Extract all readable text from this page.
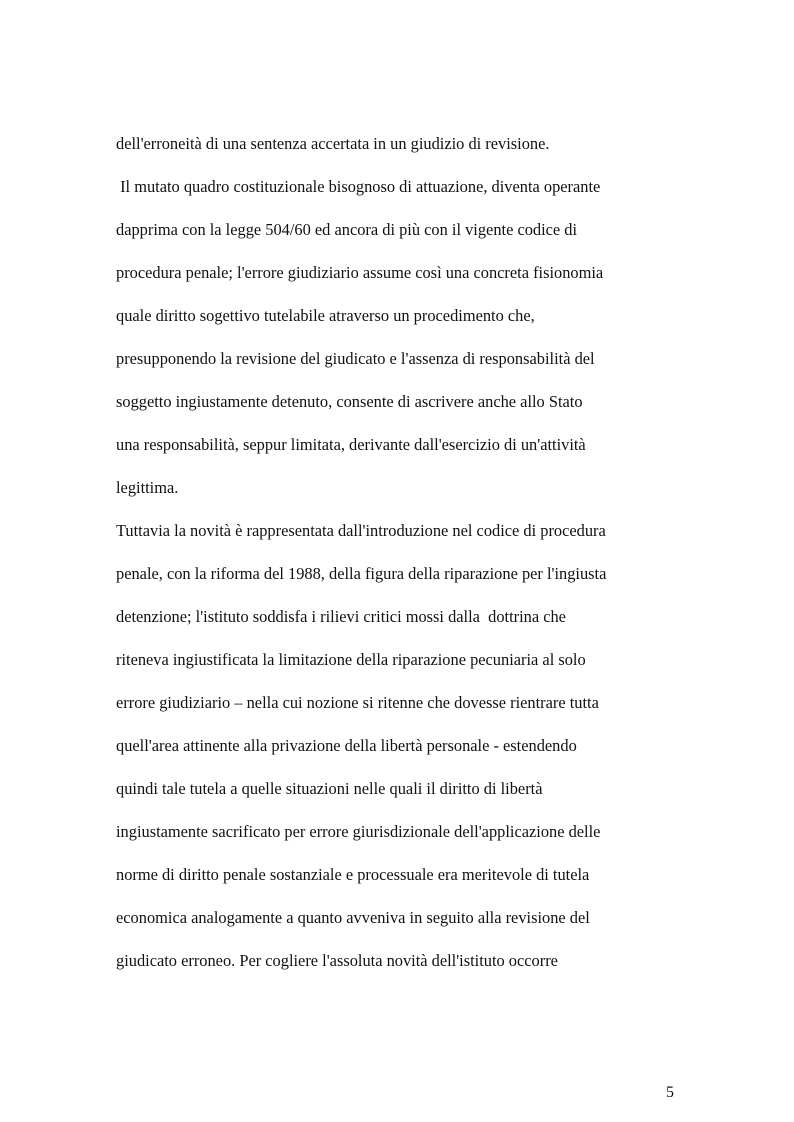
dell'erroneità di una sentenza accertata in un giudizio di revisione.
Il mutato quadro costituzionale bisognoso di attuazione, diventa operante
dapprima con la legge 504/60 ed ancora di più con il vigente codice di
procedura penale; l'errore giudiziario assume così una concreta fisionomia
quale diritto sogettivo tutelabile atraverso un procedimento che,
presupponendo la revisione del giudicato e l'assenza di responsabilità del
soggetto ingiustamente detenuto, consente di ascrivere anche allo Stato
una responsabilità, seppur limitata, derivante dall'esercizio di un'attività
legittima.
Tuttavia la novità è rappresentata dall'introduzione nel codice di procedura
penale, con la riforma del 1988, della figura della riparazione per l'ingiusta
detenzione; l'istituto soddisfa i rilievi critici mossi dalla  dottrina che
riteneva ingiustificata la limitazione della riparazione pecuniaria al solo
errore giudiziario – nella cui nozione si ritenne che dovesse rientrare tutta
quell'area attinente alla privazione della libertà personale - estendendo
quindi tale tutela a quelle situazioni nelle quali il diritto di libertà
ingiustamente sacrificato per errore giurisdizionale dell'applicazione delle
norme di diritto penale sostanziale e processuale era meritevole di tutela
economica analogamente a quanto avveniva in seguito alla revisione del
giudicato erroneo. Per cogliere l'assoluta novità dell'istituto occorre
5
